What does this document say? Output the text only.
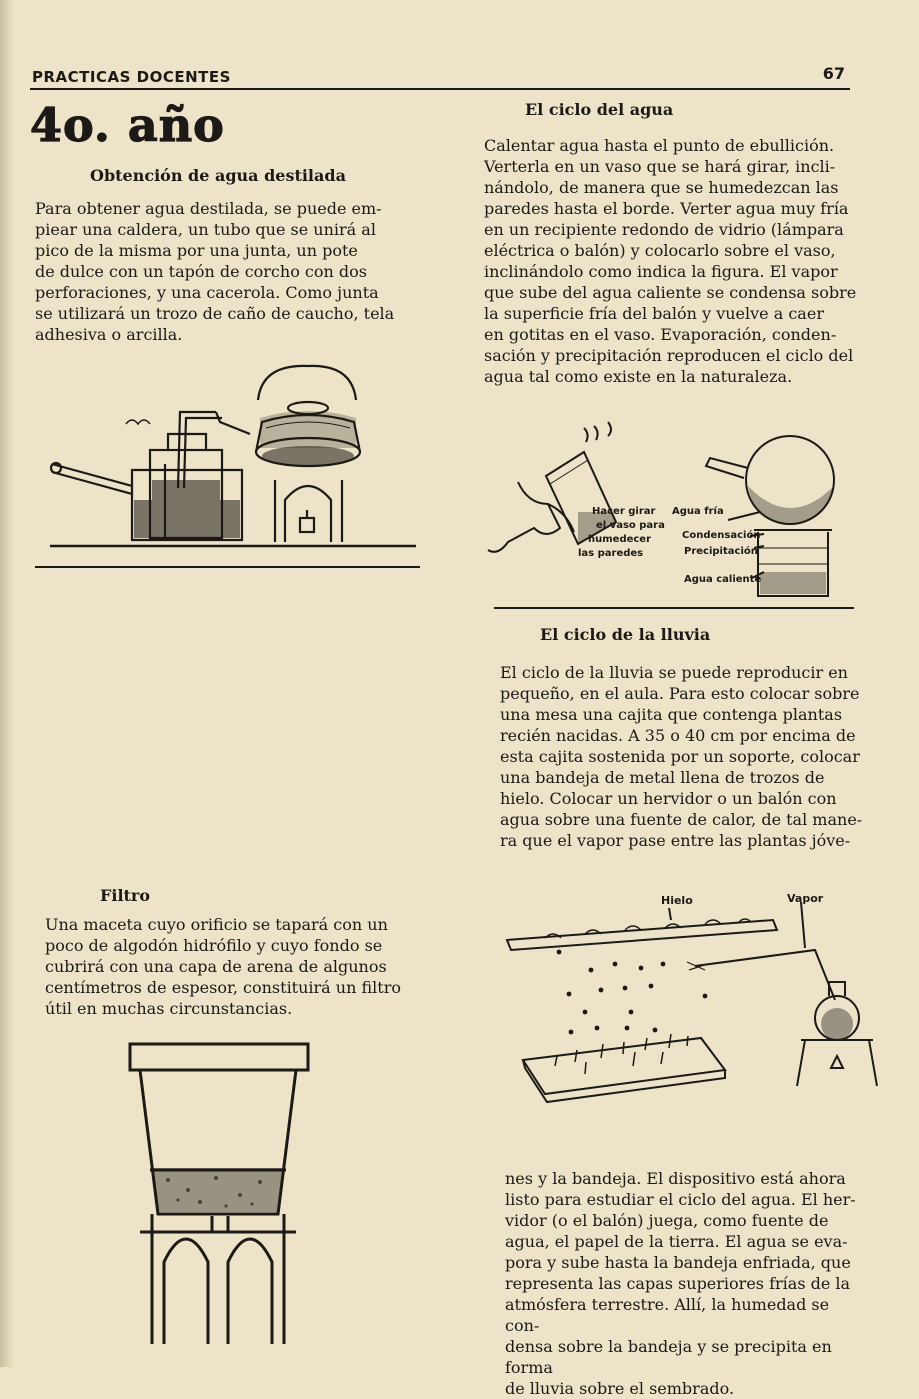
PRACTICAS DOCENTES	67
4o. año
Obtención de agua destilada
Para obtener agua destilada, se puede em-
piear una caldera, un tubo que se unirá al
pico de la misma por una junta, un pote
de dulce con un tapón de corcho con dos
perforaciones, y una cacerola. Como junta
se utilizará un trozo de caño de caucho, tela
adhesiva o arcilla.
Filtro
Una maceta cuyo orificio se tapará con un
poco de algodón hidrófilo y cuyo fondo se
cubrirá con una capa de arena de algunos
centímetros de espesor, constituirá un filtro
útil en muchas circunstancias.
El ciclo del agua
Calentar agua hasta el punto de ebullición.
Verterla en un vaso que se hará girar, incli-
nándolo, de manera que se humedezcan las
paredes hasta el borde. Verter agua muy fría
en un recipiente redondo de vidrio (lámpara
eléctrica o balón) y colocarlo sobre el vaso,
inclinándolo como indica la figura. El vapor
que sube del agua caliente se condensa sobre
la superficie fría del balón y vuelve a caer
en gotitas en el vaso. Evaporación, conden-
sación y precipitación reproducen el ciclo del
agua tal como existe en la naturaleza.
Hacer girar
el vaso para
humedecer
las paredes
Agua fría
Condensación
Precipitación
Agua caliente
El ciclo de la lluvia
El ciclo de la lluvia se puede reproducir en
pequeño, en el aula. Para esto colocar sobre
una mesa una cajita que contenga plantas
recién nacidas. A 35 o 40 cm por encima de
esta cajita sostenida por un soporte, colocar
una bandeja de metal llena de trozos de
hielo. Colocar un hervidor o un balón con
agua sobre una fuente de calor, de tal mane-
ra que el vapor pase entre las plantas jóve-
Hielo	Vapor
nes y la bandeja. El dispositivo está ahora
listo para estudiar el ciclo del agua. El her-
vidor (o el balón) juega, como fuente de
agua, el papel de la tierra. El agua se eva-
pora y sube hasta la bandeja enfriada, que
representa las capas superiores frías de la
atmósfera terrestre. Allí, la humedad se con-
densa sobre la bandeja y se precipita en forma
de lluvia sobre el sembrado.
